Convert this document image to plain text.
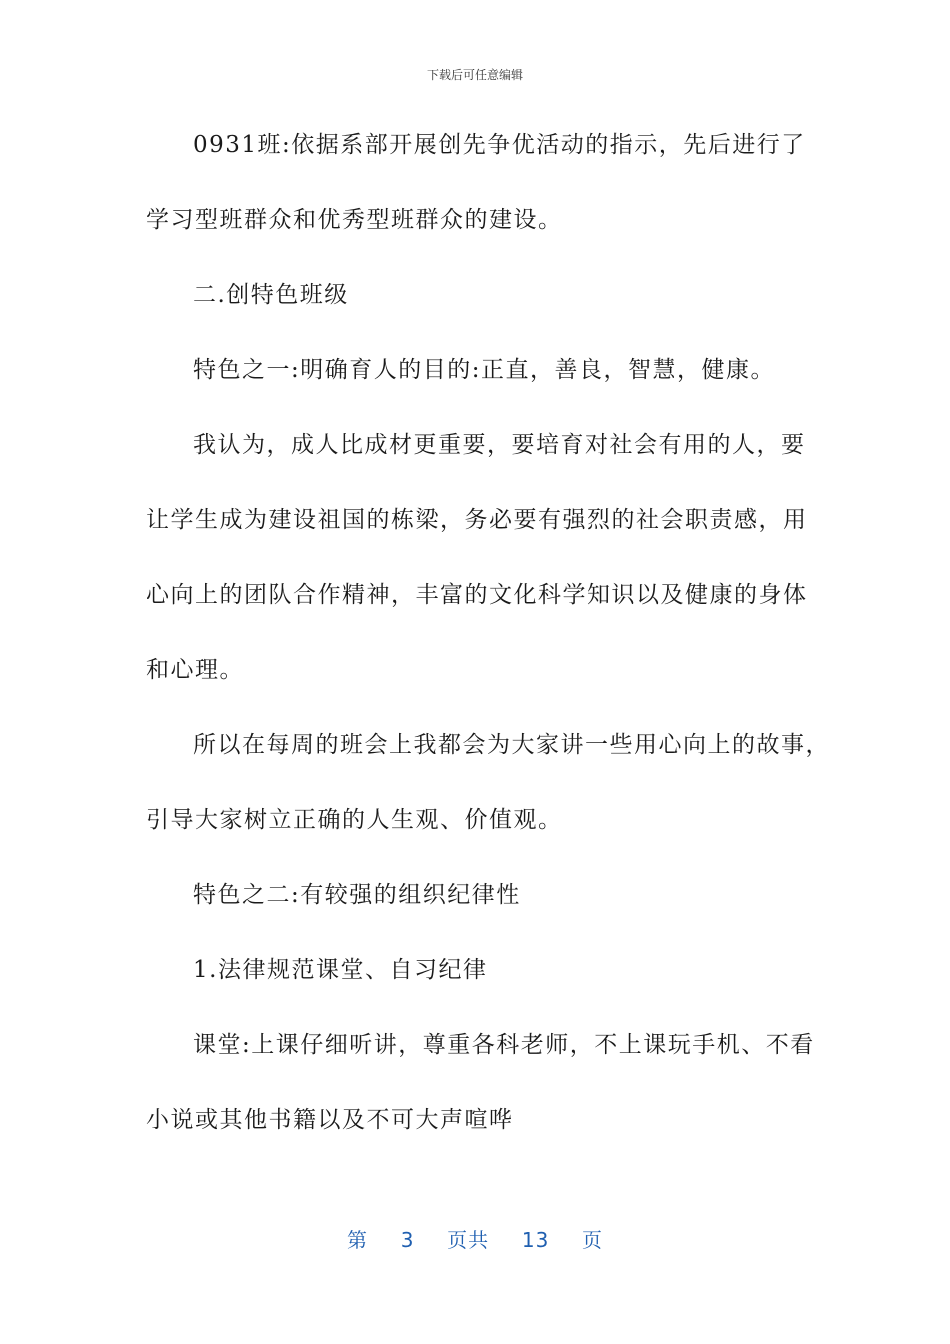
下载后可任意编辑
0931班:依据系部开展创先争优活动的指示，先后进行了
学习型班群众和优秀型班群众的建设。
二.创特色班级
特色之一:明确育人的目的:正直，善良，智慧，健康。
我认为，成人比成材更重要，要培育对社会有用的人，要
让学生成为建设祖国的栋梁，务必要有强烈的社会职责感，用
心向上的团队合作精神，丰富的文化科学知识以及健康的身体
和心理。
所以在每周的班会上我都会为大家讲一些用心向上的故事，
引导大家树立正确的人生观、价值观。
特色之二:有较强的组织纪律性
1.法律规范课堂、自习纪律
课堂:上课仔细听讲，尊重各科老师，不上课玩手机、不看
小说或其他书籍以及不可大声喧哗
第 3 页共 13 页
